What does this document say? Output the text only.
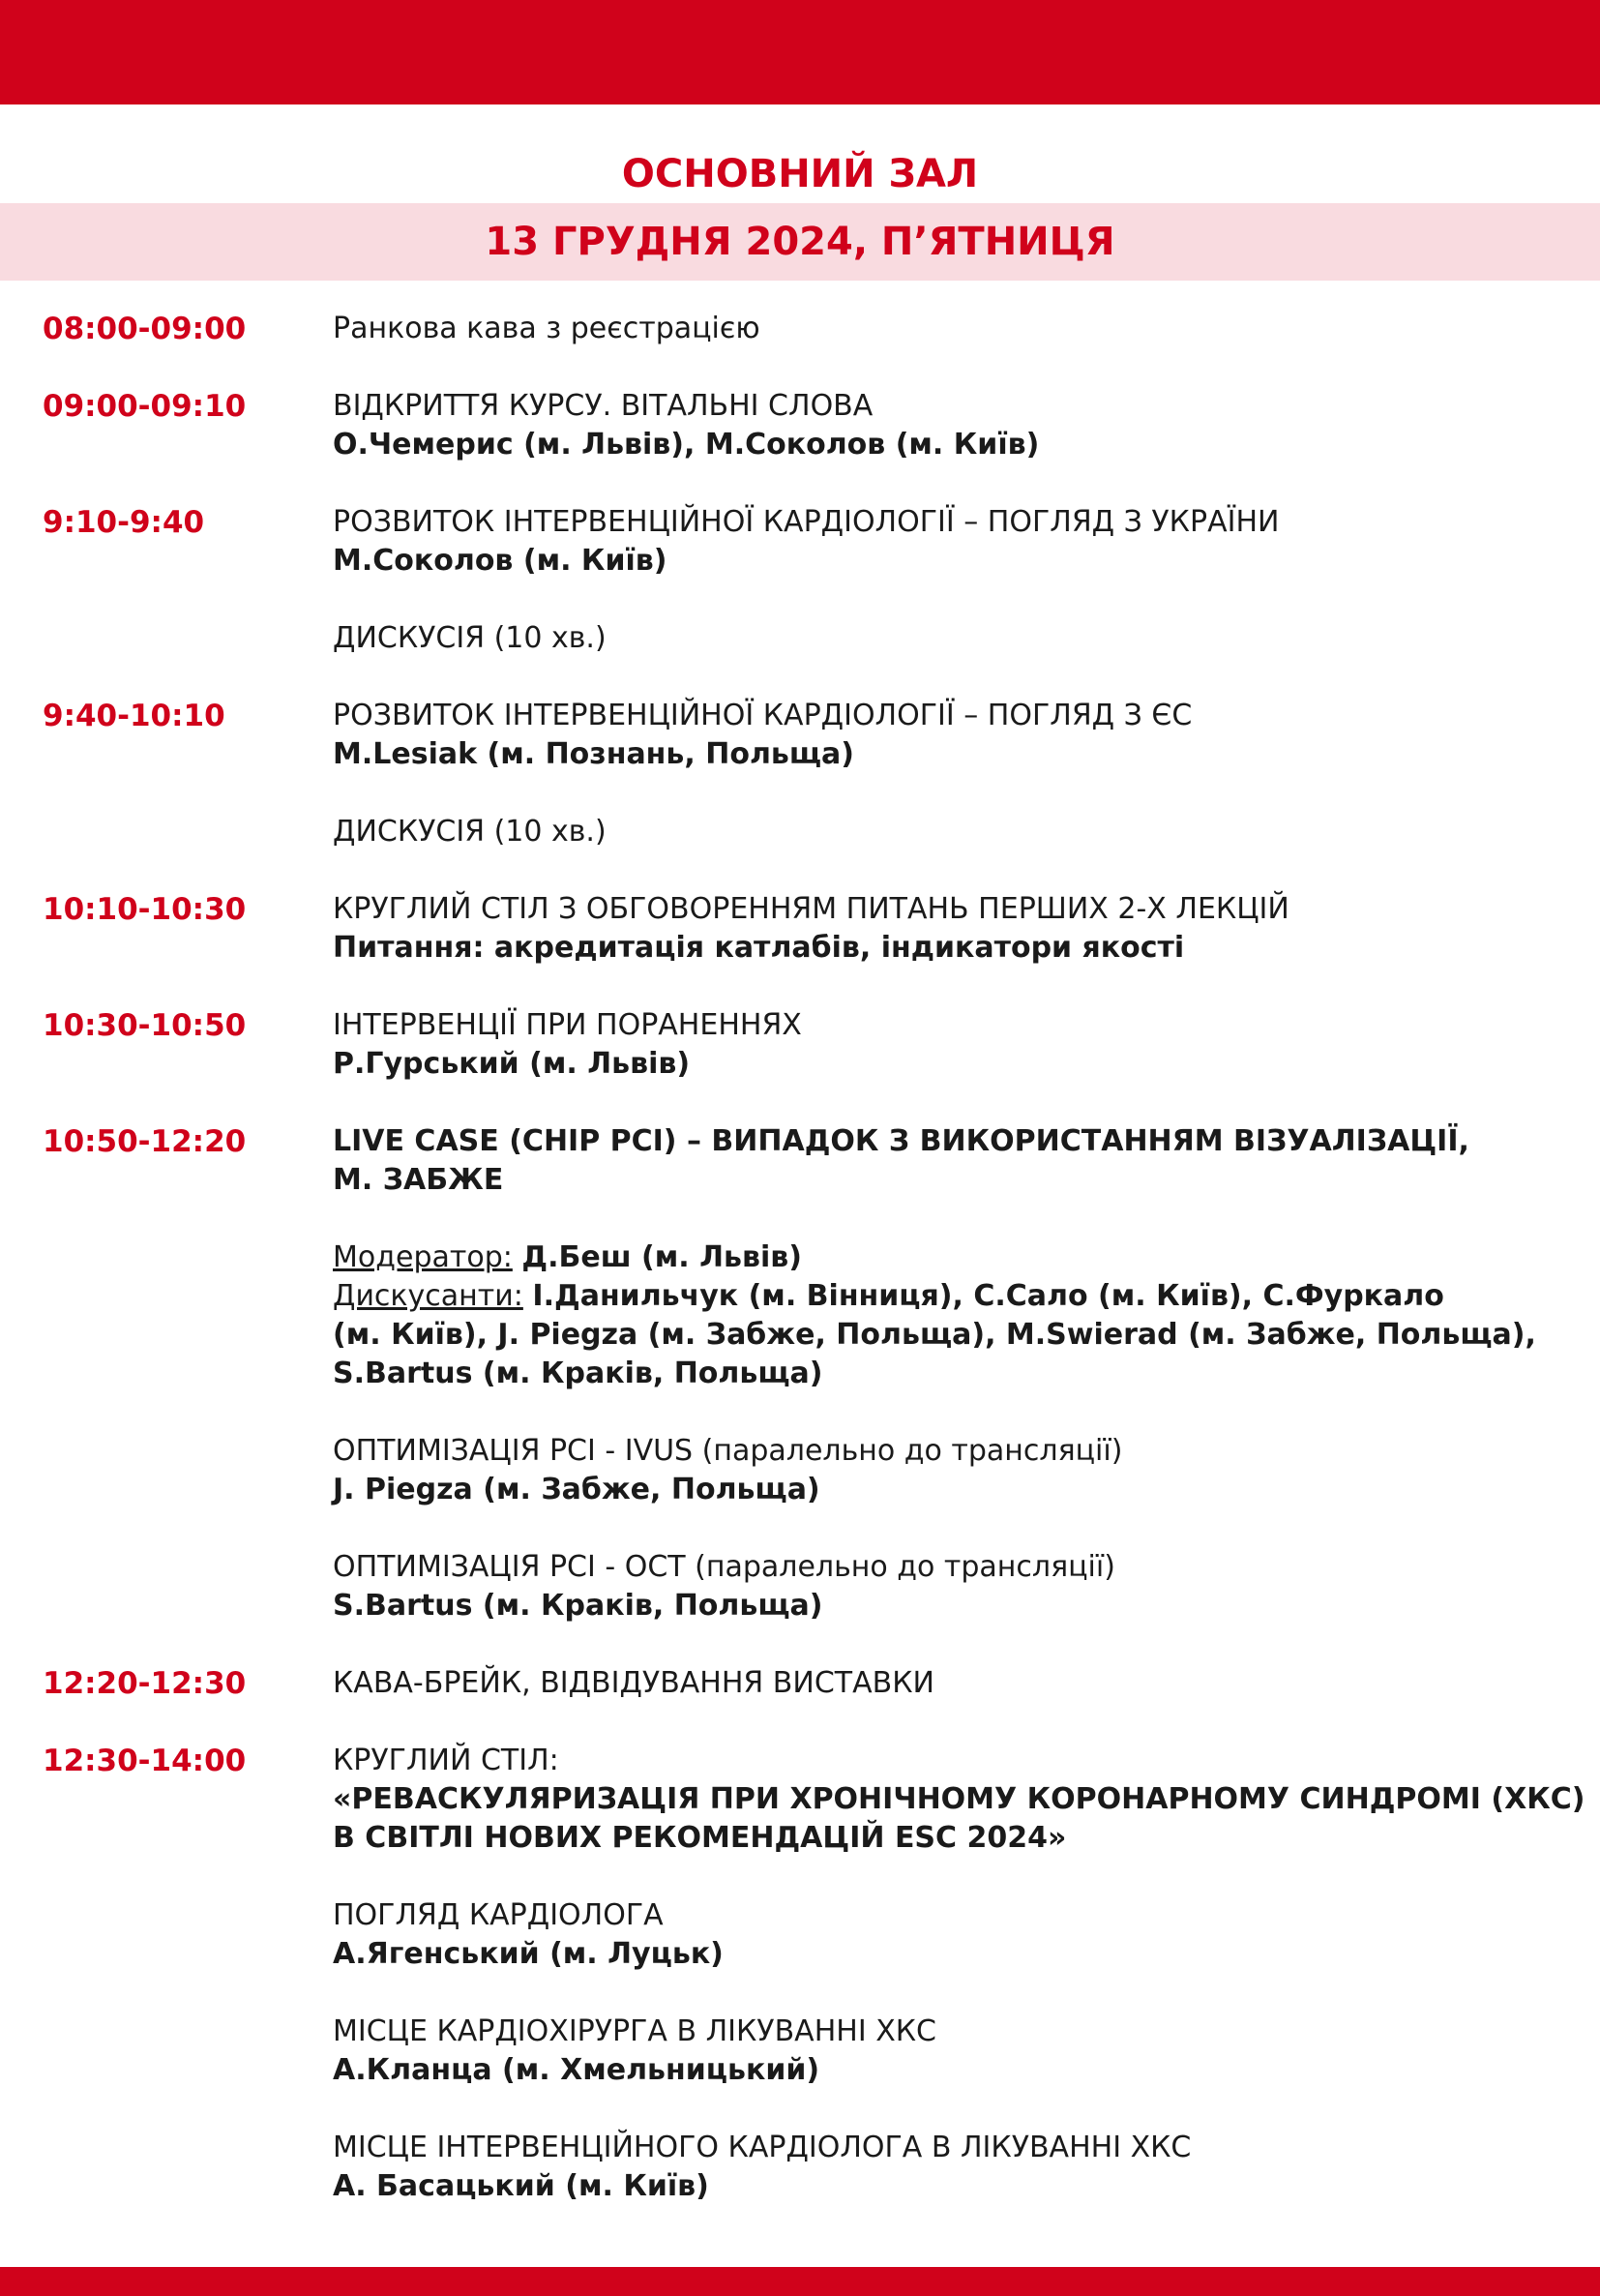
ОСНОВНИЙ ЗАЛ
13 ГРУДНЯ 2024, П’ЯТНИЦЯ
08:00-09:00	Ранкова кава з реєстрацією
09:00-09:10	ВІДКРИТТЯ КУРСУ. ВІТАЛЬНІ СЛОВА
О.Чемерис (м. Львів), М.Соколов (м. Київ)
9:10-9:40	РОЗВИТОК ІНТЕРВЕНЦІЙНОЇ КАРДІОЛОГІЇ – ПОГЛЯД З УКРАЇНИ
М.Соколов (м. Київ)
ДИСКУСІЯ (10 хв.)
9:40-10:10	РОЗВИТОК ІНТЕРВЕНЦІЙНОЇ КАРДІОЛОГІЇ – ПОГЛЯД З ЄС
M.Lesiak (м. Познань, Польща)
ДИСКУСІЯ (10 хв.)
10:10-10:30	КРУГЛИЙ СТІЛ З ОБГОВОРЕННЯМ ПИТАНЬ ПЕРШИХ 2-Х ЛЕКЦІЙ
Питання: акредитація катлабів, індикатори якості
10:30-10:50	ІНТЕРВЕНЦІЇ ПРИ ПОРАНЕННЯХ
Р.Гурський (м. Львів)
10:50-12:20	LIVE CASE (CHIP PCI) – ВИПАДОК З ВИКОРИСТАННЯМ ВІЗУАЛІЗАЦІЇ,
М. ЗАБЖЕ
Модератор: Д.Беш (м. Львів)
Дискусанти: І.Данильчук (м. Вінниця), С.Сало (м. Київ), С.Фуркало
(м. Київ), J. Piegza (м. Забже, Польща), M.Swierad (м. Забже, Польща),
S.Bartus (м. Краків, Польща)
ОПТИМІЗАЦІЯ PCI - IVUS (паралельно до трансляції)
J. Piegza (м. Забже, Польща)
ОПТИМІЗАЦІЯ PCI - OCT (паралельно до трансляції)
S.Bartus (м. Краків, Польща)
12:20-12:30	КАВА-БРЕЙК, ВІДВІДУВАННЯ ВИСТАВКИ
12:30-14:00	КРУГЛИЙ СТІЛ:
«РЕВАСКУЛЯРИЗАЦІЯ ПРИ ХРОНІЧНОМУ КОРОНАРНОМУ СИНДРОМІ (ХКС)
В СВІТЛІ НОВИХ РЕКОМЕНДАЦІЙ ESC 2024»
ПОГЛЯД КАРДІОЛОГА
А.Ягенський (м. Луцьк)
МІСЦЕ КАРДІОХІРУРГА В ЛІКУВАННІ ХКС
А.Кланца (м. Хмельницький)
МІСЦЕ ІНТЕРВЕНЦІЙНОГО КАРДІОЛОГА В ЛІКУВАННІ ХКС
А. Басацький (м. Київ)
